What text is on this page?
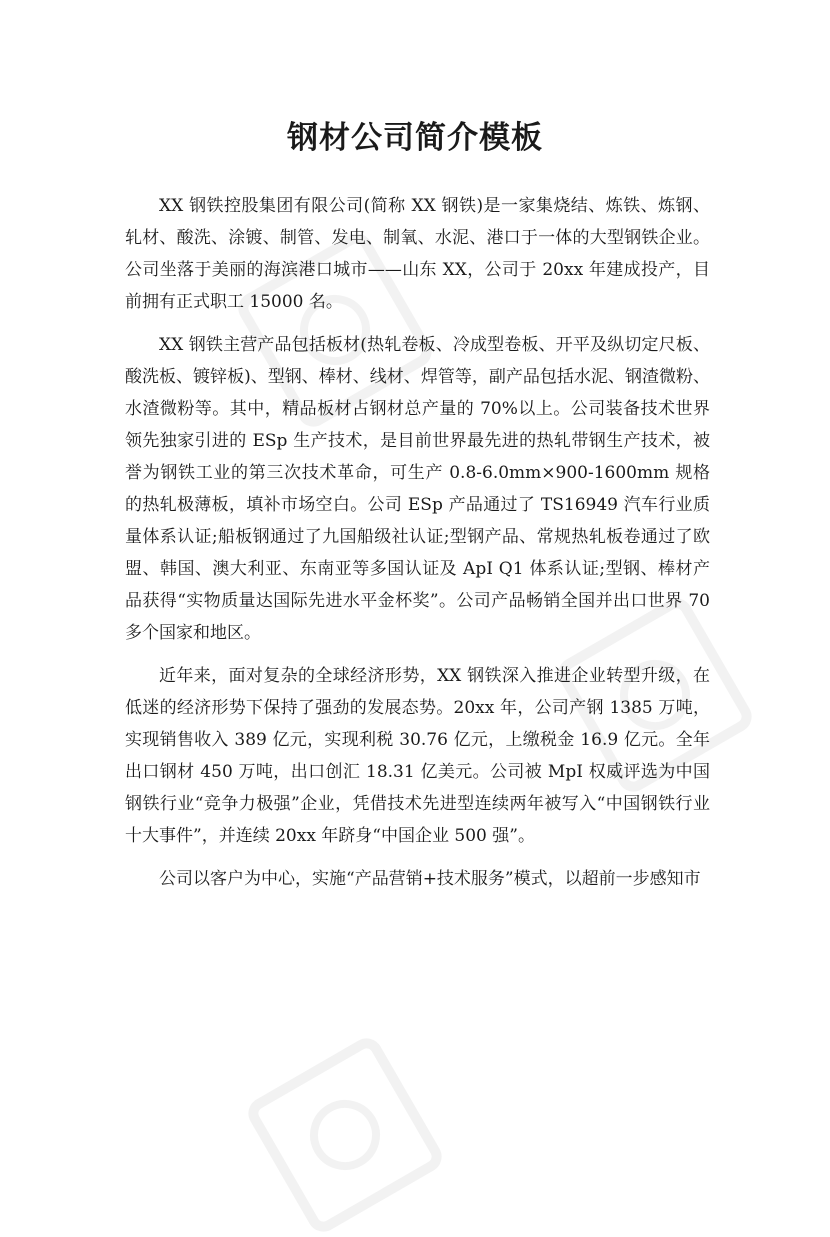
钢材公司简介模板

XX 钢铁控股集团有限公司(简称 XX 钢铁)是一家集烧结、炼铁、炼钢、轧材、酸洗、涂镀、制管、发电、制氧、水泥、港口于一体的大型钢铁企业。公司坐落于美丽的海滨港口城市——山东 XX，公司于 20xx 年建成投产，目前拥有正式职工 15000 名。

XX 钢铁主营产品包括板材(热轧卷板、冷成型卷板、开平及纵切定尺板、酸洗板、镀锌板)、型钢、棒材、线材、焊管等，副产品包括水泥、钢渣微粉、水渣微粉等。其中，精品板材占钢材总产量的 70%以上。公司装备技术世界领先独家引进的 ESp 生产技术，是目前世界最先进的热轧带钢生产技术，被誉为钢铁工业的第三次技术革命，可生产 0.8-6.0mm×900-1600mm 规格的热轧极薄板，填补市场空白。公司 ESp 产品通过了 TS16949 汽车行业质量体系认证;船板钢通过了九国船级社认证;型钢产品、常规热轧板卷通过了欧盟、韩国、澳大利亚、东南亚等多国认证及 ApI Q1 体系认证;型钢、棒材产品获得“实物质量达国际先进水平金杯奖”。公司产品畅销全国并出口世界 70 多个国家和地区。

近年来，面对复杂的全球经济形势，XX 钢铁深入推进企业转型升级，在低迷的经济形势下保持了强劲的发展态势。20xx 年，公司产钢 1385 万吨，实现销售收入 389 亿元，实现利税 30.76 亿元，上缴税金 16.9 亿元。全年出口钢材 450 万吨，出口创汇 18.31 亿美元。公司被 MpI 权威评选为中国钢铁行业“竞争力极强”企业，凭借技术先进型连续两年被写入“中国钢铁行业十大事件”，并连续 20xx 年跻身“中国企业 500 强”。

公司以客户为中心，实施“产品营销+技术服务”模式，以超前一步感知市
